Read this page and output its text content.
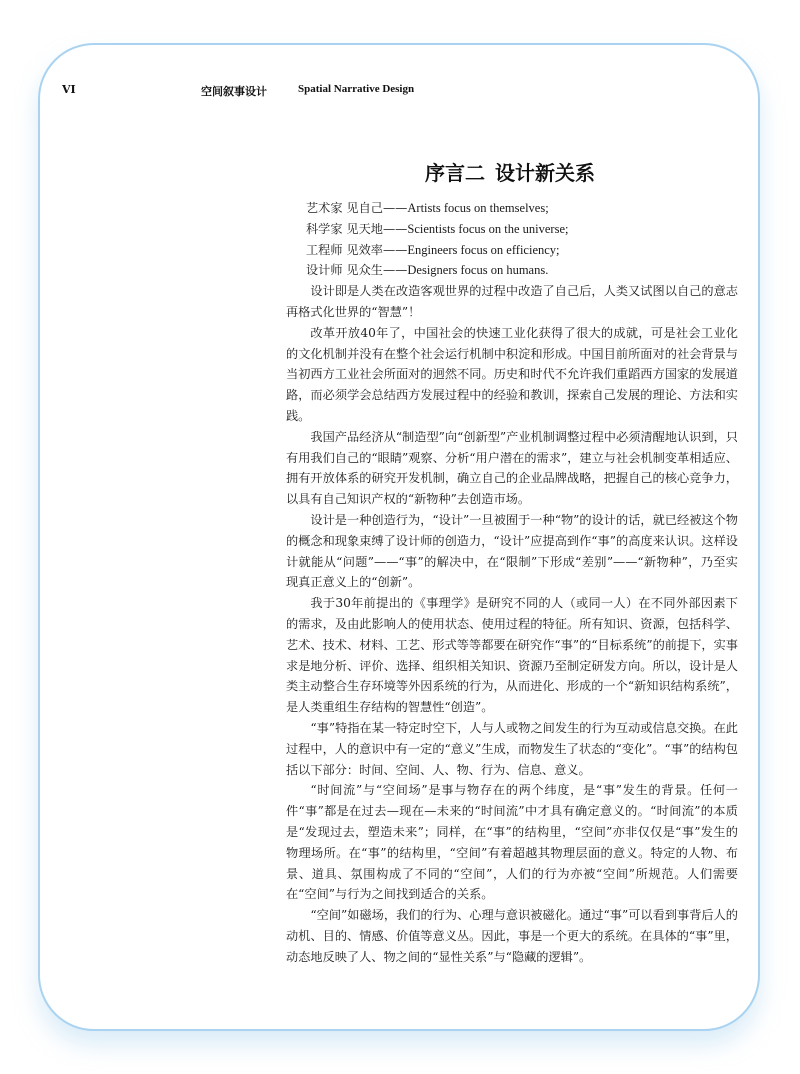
VI	空间叙事设计	Spatial Narrative Design
序言二 设计新关系
艺术家 见自己——Artists focus on themselves;
科学家 见天地——Scientists focus on the universe;
工程师 见效率——Engineers focus on efficiency;
设计师 见众生——Designers focus on humans.

设计即是人类在改造客观世界的过程中改造了自己后，人类又试图以自己的意志再格式化世界的“智慧”！

改革开放40年了，中国社会的快速工业化获得了很大的成就，可是社会工业化的文化机制并没有在整个社会运行机制中积淀和形成。中国目前所面对的社会背景与当初西方工业社会所面对的迥然不同。历史和时代不允许我们重蹈西方国家的发展道路，而必须学会总结西方发展过程中的经验和教训，探索自己发展的理论、方法和实践。

我国产品经济从“制造型”向“创新型”产业机制调整过程中必须清醒地认识到，只有用我们自己的“眼睛”观察、分析“用户潜在的需求”，建立与社会机制变革相适应、拥有开放体系的研究开发机制，确立自己的企业品牌战略，把握自己的核心竞争力，以具有自己知识产权的“新物种”去创造市场。

设计是一种创造行为，“设计”一旦被囿于一种“物”的设计的话，就已经被这个物的概念和现象束缚了设计师的创造力，“设计”应提高到作“事”的高度来认识。这样设计就能从“问题”——“事”的解决中，在“限制”下形成“差别”——“新物种”，乃至实现真正意义上的“创新”。

我于30年前提出的《事理学》是研究不同的人（或同一人）在不同外部因素下的需求，及由此影响人的使用状态、使用过程的特征。所有知识、资源，包括科学、艺术、技术、材料、工艺、形式等等都要在研究作“事”的“目标系统”的前提下，实事求是地分析、评价、选择、组织相关知识、资源乃至制定研发方向。所以，设计是人类主动整合生存环境等外因系统的行为，从而进化、形成的一个“新知识结构系统”，是人类重组生存结构的智慧性“创造”。

“事”特指在某一特定时空下，人与人或物之间发生的行为互动或信息交换。在此过程中，人的意识中有一定的“意义”生成，而物发生了状态的“变化”。“事”的结构包括以下部分：时间、空间、人、物、行为、信息、意义。

“时间流”与“空间场”是事与物存在的两个纬度，是“事”发生的背景。任何一件“事”都是在过去—现在—未来的“时间流”中才具有确定意义的。“时间流”的本质是“发现过去，塑造未来”；同样，在“事”的结构里，“空间”亦非仅仅是“事”发生的物理场所。在“事”的结构里，“空间”有着超越其物理层面的意义。特定的人物、布景、道具、氛围构成了不同的“空间”，人们的行为亦被“空间”所规范。人们需要在“空间”与行为之间找到适合的关系。

“空间”如磁场，我们的行为、心理与意识被磁化。通过“事”可以看到事背后人的动机、目的、情感、价值等意义丛。因此，事是一个更大的系统。在具体的“事”里，动态地反映了人、物之间的“显性关系”与“隐藏的逻辑”。
